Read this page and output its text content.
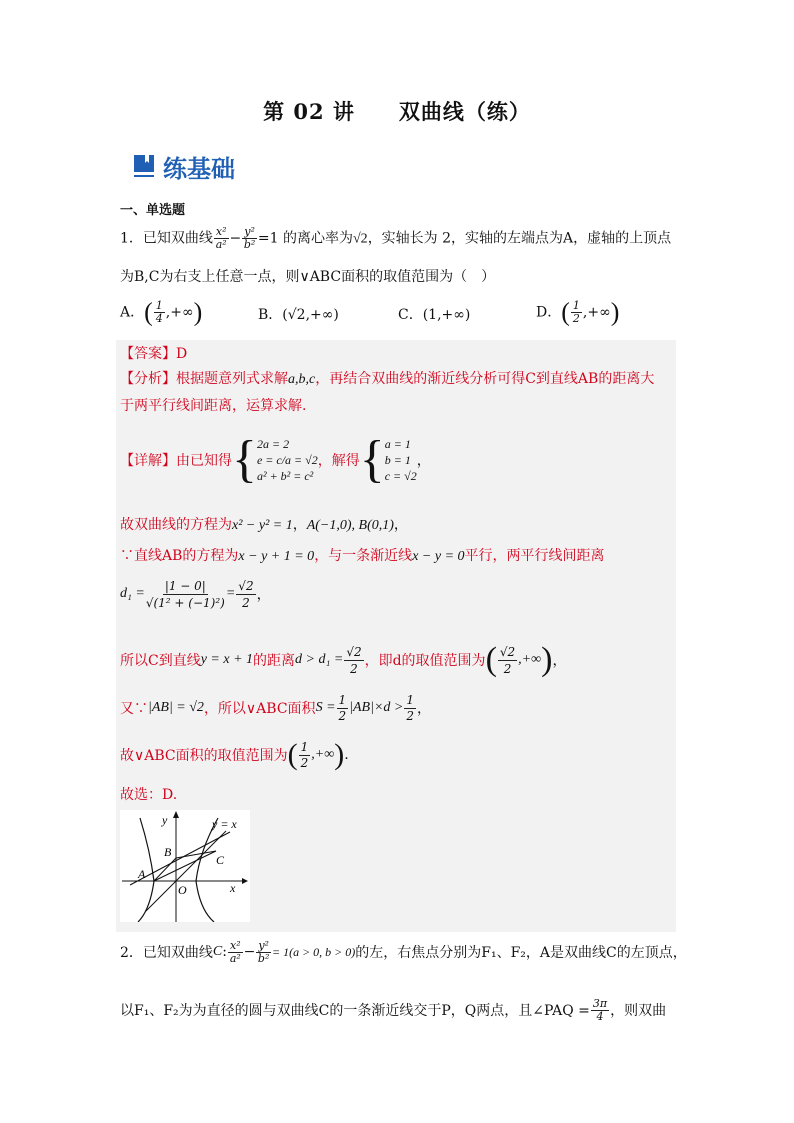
第 02 讲 双曲线（练）
练基础
一、单选题
1．已知双曲线 $\frac{\text{x²}}{\text{a²}} - \frac{\text{y²}}{\text{b²}} =1$ 的离心率为√2，实轴长为 2，实轴的左端点为A，虚轴的上顶点
为B,C为右支上任意一点，则∨ABC面积的取值范围为（　）
A．( $\frac{1}{4}$ ,+∞)	B．(√2,+∞)	C．(1,+∞)	D．( $\frac{1}{2}$ ,+∞)
【答案】D
【分析】根据题意列式求解a,b,c，再结合双曲线的渐近线分析可得C到直线AB的距离大
于两平行线间距离，运算求解.
【详解】 由已知得 { 2a = 2
e = c/a = √2
a² + b² = c²
，解得 { a = 1
b = 1
c = √2
，
故双曲线的方程为x² − y² = 1，A(−1,0), B(0,1)，
∵直线AB的方程为x − y + 1 = 0，与一条渐近线x − y = 0平行，两平行线间距离
$d_1 = \frac{|1 - 0|}{\text{√(1² + (−1)²)}} = \frac{√2}{2}$ ，
所以C到直线 y = x + 1 的距离 $d > d_1 = \frac{√2}{2}$ ，即d的取值范围为 ( $\frac{√2}{2}$ ,+∞ ) ，
又∵ |AB| = √2 ，所以∨ABC面积 $S = \frac{1}{2} |AB|\times d > \frac{1}{2}$ ，
故∨ABC面积的取值范围为 ( $\frac{1}{2}$ ,+∞ ) .
故选：D.
y
x
y = x
B
C
A
O
2．已知双曲线 C : $\frac{\text{x²}}{\text{a²}} - \frac{\text{y²}}{\text{b²}} = 1(a > 0$, b > 0) 的左，右焦点分别为F₁、F₂，A是双曲线C的左顶点，
以F₁、F₂为为直径的圆与双曲线C的一条渐近线交于P，Q两点，且∠PAQ = $\frac{3\pi}{4}$ ，则双曲
